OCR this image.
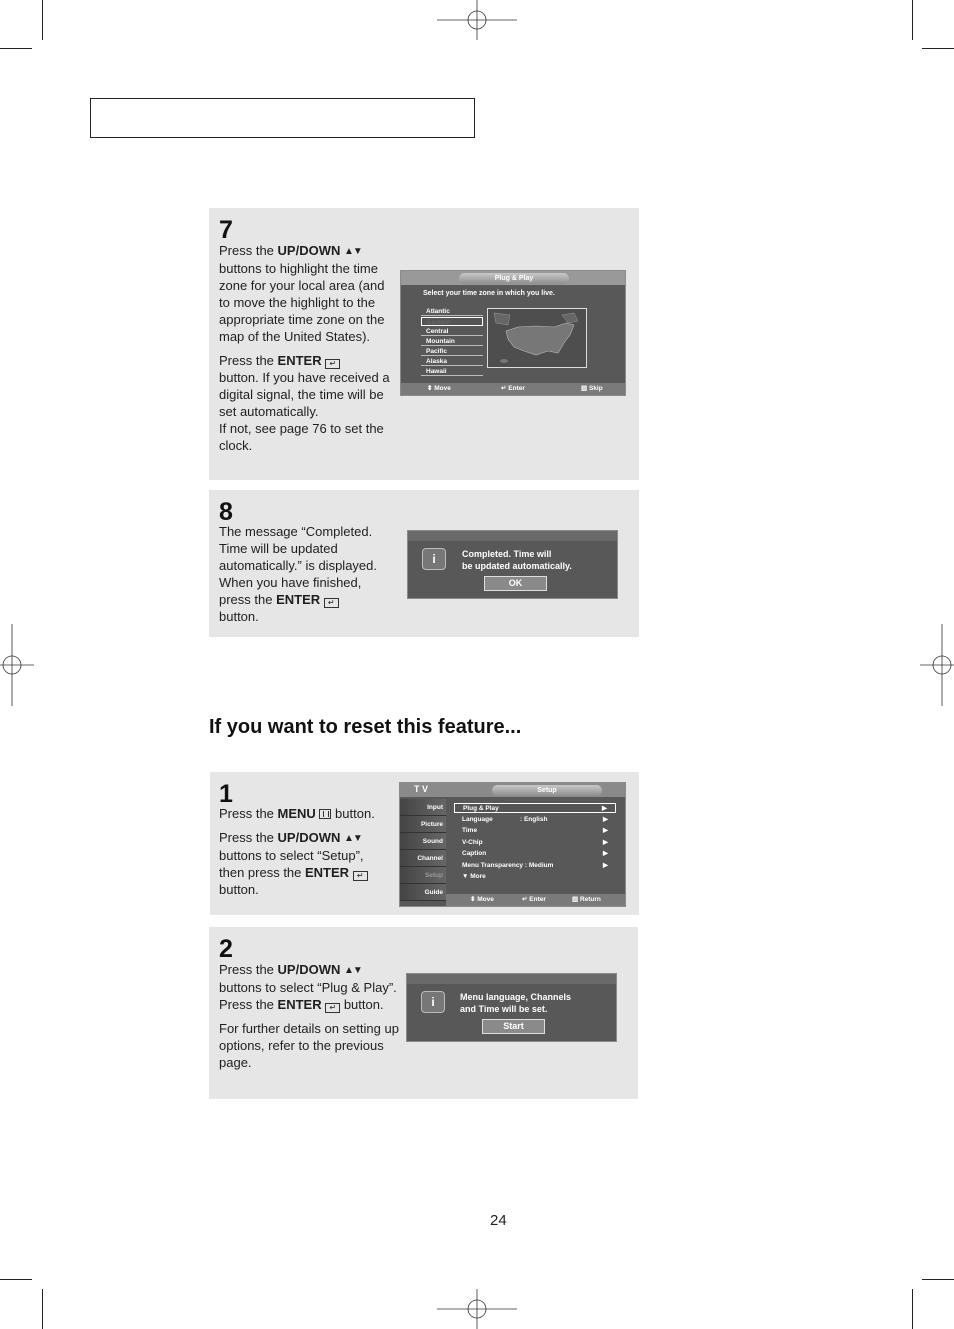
7

Press the UP/DOWN ▲▼
buttons to highlight the time zone for your local area (and to move the highlight to the appropriate time zone on the map of the United States).

Press the ENTER ↵
button. If you have received a digital signal, the time will be set automatically.
If not, see page 76 to set the clock.

Plug & Play
Select your time zone in which you live.
Atlantic
Eastern
Central
Mountain
Pacific
Alaska
Hawaii
⬍ Move	↵ Enter	▥ Skip
8

The message “Completed. Time will be updated automatically.” is displayed. When you have finished, press the ENTER ↵
button.

i	Completed. Time will
be updated automatically.
OK
If you want to reset this feature...
1

Press the MENU  button.

Press the UP/DOWN ▲▼
buttons to select “Setup”, then press the ENTER ↵
button.

T V	Setup
Input
Picture
Sound
Channel
Setup
Guide
Plug & Play	▶
Language	: English	▶
Time	▶
V-Chip	▶
Caption	▶
Menu Transparency : Medium	▶
▼ More
⬍ Move	↵ Enter	▥ Return
2

Press the UP/DOWN ▲▼
buttons to select “Plug & Play”.
Press the ENTER ↵ button.

For further details on setting up options, refer to the previous page.

i	Menu language, Channels
and Time will be set.
Start
24
